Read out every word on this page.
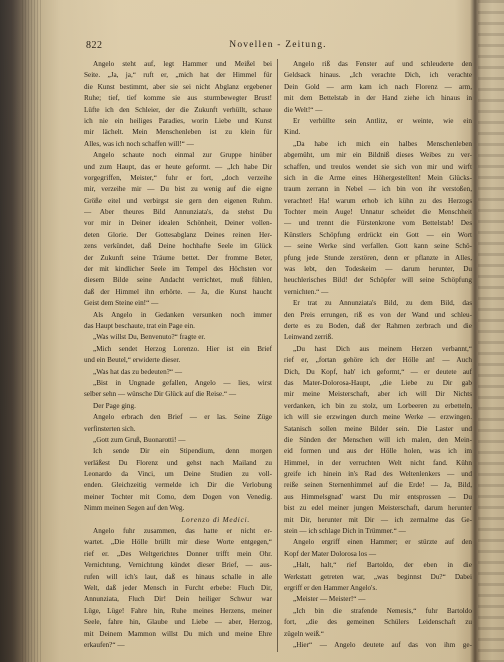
822	Novellen - Zeitung.
Angelo steht auf, legt Hammer und Meißel bei
Seite. „Ja, ja,“ ruft er, „mich hat der Himmel für
die Kunst bestimmt, aber sie sei nicht Abglanz ergebener
Ruhe; tief, tief komme sie aus sturmbewegter Brust!
Lüfte ich den Schleier, der die Zukunft verhüllt, schaue
ich nie ein heiliges Paradies, worin Liebe und Kunst
mir lächelt. Mein Menschenleben ist zu klein für
Alles, was ich noch schaffen will!“ —
Angelo schaute noch einmal zur Gruppe hinüber
und zum Haupt, das er heute geformt. — „Ich habe Dir
vorgegriffen, Meister,“ fuhr er fort, „doch verzeihe
mir, verzeihe mir — Du bist zu wenig auf die eigne
Größe eitel und verbirgst sie gern den eigenen Ruhm.
— Aber theures Bild Annunziata's, da stehst Du
vor mir in Deiner idealen Schönheit, Deiner vollen-
deten Glorie. Der Gottesabglanz Deines reinen Her-
zens verkündet, daß Deine hochhafte Seele im Glück
der Zukunft seine Träume bettet. Der fromme Beter,
der mit kindlicher Seele im Tempel des Höchsten vor
diesem Bilde seine Andacht verrichtet, muß fühlen,
daß der Himmel ihn erhörte. — Ja, die Kunst haucht
Geist dem Steine ein!“ —
Als Angelo in Gedanken versunken noch immer
das Haupt beschaute, trat ein Page ein.
„Was willst Du, Benvenuto?“ fragte er.
„Mich sendet Herzog Lorenzo. Hier ist ein Brief
und ein Beutel,“ erwiderte dieser.
„Was hat das zu bedeuten?“ —
„Bist in Ungnade gefallen, Angelo — lies, wirst
selber sehn — wünsche Dir Glück auf die Reise.“ —
Der Page ging.
Angelo erbrach den Brief — er las. Seine Züge
verfinsterten sich.
„Gott zum Gruß, Buonarotti! —
Ich sende Dir ein Stipendium, denn morgen
verläßest Du Florenz und gehst nach Mailand zu
Leonardo da Vinci, um Deine Studien zu voll-
enden. Gleichzeitig vermelde ich Dir die Verlobung
meiner Tochter mit Como, dem Dogen von Venedig.
Nimm meinen Segen auf den Weg.
Lorenzo di Medici.
Angelo fuhr zusammen, das hatte er nicht er-
wartet. „Die Hölle brüllt mir diese Worte entgegen,“
rief er. „Des Weltgerichtes Donner trifft mein Ohr.
Vernichtung, Vernichtung kündet dieser Brief, — aus-
rufen will ich's laut, daß es hinaus schalle in alle
Welt, daß jeder Mensch in Furcht erbebe: Fluch Dir,
Annunziata, Fluch Dir! Dein heiliger Schwur war
Lüge, Lüge! Fahre hin, Ruhe meines Herzens, meiner
Seele, fahre hin, Glaube und Liebe — aber, Herzog,
mit Deinem Mammon willst Du mich und meine Ehre
erkaufen?“ —
Angelo riß das Fenster auf und schleuderte den
Geldsack hinaus. „Ich verachte Dich, ich verachte
Dein Gold — arm kam ich nach Florenz — arm,
mit dem Bettelstab in der Hand ziehe ich hinaus in
die Welt!“ —
Er verhüllte sein Antlitz, er weinte, wie ein
Kind.
„Da habe ich mich ein halbes Menschenleben
abgemüht, um mir ein Bildniß dieses Weibes zu ver-
schaffen, und treulos wendet sie sich von mir und wirft
sich in die Arme eines Höhergestellten! Mein Glücks-
traum zerrann in Nebel — ich bin von ihr verstoßen,
verachtet! Ha! warum erhob ich kühn zu des Herzogs
Tochter mein Auge! Unnatur scheidet die Menschheit
— und trennt die Fürstenkrone vom Bettelstab! Des
Künstlers Schöpfung erdrückt ein Gott — ein Wort
— seine Werke sind verfallen. Gott kann seine Schö-
pfung jede Stunde zerstören, denn er pflanzte in Alles,
was lebt, den Todeskeim — darum herunter, Du
heuchlerisches Bild! der Schöpfer will seine Schöpfung
vernichten.“ —
Er trat zu Annunziata's Bild, zu dem Bild, das
den Preis errungen, riß es von der Wand und schleu-
derte es zu Boden, daß der Rahmen zerbrach und die
Leinwand zerriß.
„Du hast Dich aus meinem Herzen verbannt,“
rief er, „fortan gehöre ich der Hölle an! — Auch
Dich, Du Kopf, hab' ich geformt,“ — er deutete auf
das Mater-Dolorosa-Haupt, „die Liebe zu Dir gab
mir meine Meisterschaft, aber ich will Dir Nichts
verdanken, ich bin zu stolz, um Lorbeeren zu erbetteln,
ich will sie erzwingen durch meine Werke — erzwingen.
Satanisch sollen meine Bilder sein. Die Laster und
die Sünden der Menschen will ich malen, den Mein-
eid formen und aus der Hölle holen, was ich im
Himmel, in der verruchten Welt nicht fand. Kühn
greife ich hinein in's Rad des Weltenlenkers — und
reiße seinen Sternenhimmel auf die Erde! — Ja, Bild,
aus Himmelsgnad' warst Du mir entsprossen — Du
bist zu edel meiner jungen Meisterschaft, darum herunter
mit Dir, herunter mit Dir — ich zermalme das Ge-
stein — ich schlage Dich in Trümmer.“ —
Angelo ergriff einen Hammer; er stürzte auf den
Kopf der Mater Dolorosa los —
„Halt, halt,“ rief Bartoldo, der eben in die
Werkstatt getreten war, „was beginnst Du?“ Dabei
ergriff er den Hammer Angelo's.
„Meister — Meister!“ —
„Ich bin die strafende Nemesis,“ fuhr Bartoldo
fort, „die des gemeinen Schülers Leidenschaft zu
zügeln weiß.“
„Hier“ — Angelo deutete auf das von ihm ge-
